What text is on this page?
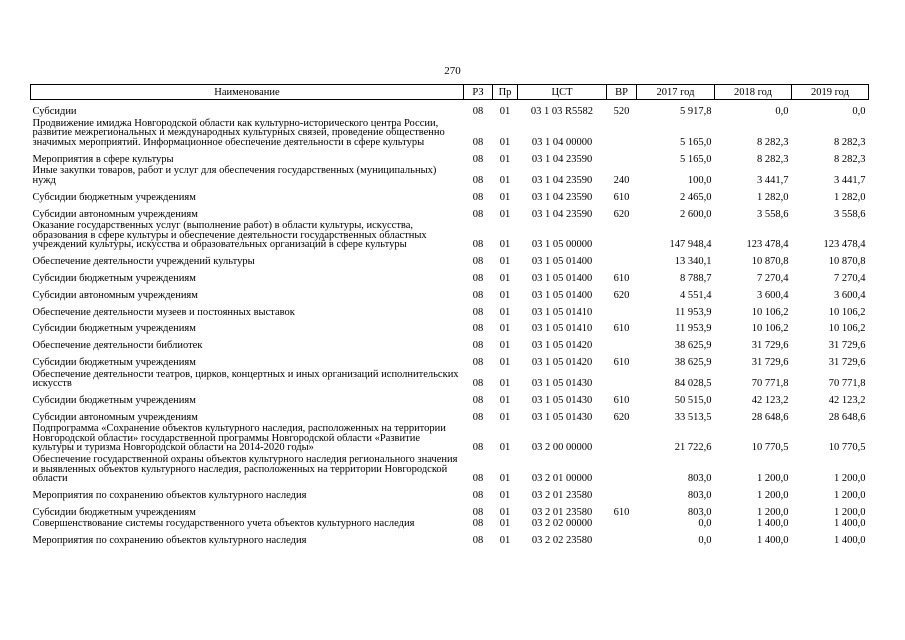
270
Наименование	РЗ	Пр	ЦСТ	ВР	2017 год	2018 год	2019 год
Субсидии	08	01	03 1 03 R5582	520	5 917,8	0,0	0,0
Продвижение имиджа Новгородской области как культурно-исторического центра России, развитие межрегиональных и международных культурных связей, проведение общественно значимых мероприятий. Информационное обеспечение деятельности в сфере культуры	08	01	03 1 04 00000		5 165,0	8 282,3	8 282,3
Мероприятия в сфере культуры	08	01	03 1 04 23590		5 165,0	8 282,3	8 282,3
Иные закупки товаров, работ и услуг для обеспечения государственных (муниципальных) нужд	08	01	03 1 04 23590	240	100,0	3 441,7	3 441,7
Субсидии бюджетным учреждениям	08	01	03 1 04 23590	610	2 465,0	1 282,0	1 282,0
Субсидии автономным учреждениям	08	01	03 1 04 23590	620	2 600,0	3 558,6	3 558,6
Оказание государственных услуг (выполнение работ) в области культуры, искусства, образования в сфере культуры и обеспечение деятельности государственных областных учреждений культуры, искусства и образовательных организаций в сфере культуры	08	01	03 1 05 00000		147 948,4	123 478,4	123 478,4
Обеспечение деятельности учреждений культуры	08	01	03 1 05 01400		13 340,1	10 870,8	10 870,8
Субсидии бюджетным учреждениям	08	01	03 1 05 01400	610	8 788,7	7 270,4	7 270,4
Субсидии автономным учреждениям	08	01	03 1 05 01400	620	4 551,4	3 600,4	3 600,4
Обеспечение деятельности музеев и постоянных выставок	08	01	03 1 05 01410		11 953,9	10 106,2	10 106,2
Субсидии бюджетным учреждениям	08	01	03 1 05 01410	610	11 953,9	10 106,2	10 106,2
Обеспечение деятельности библиотек	08	01	03 1 05 01420		38 625,9	31 729,6	31 729,6
Субсидии бюджетным учреждениям	08	01	03 1 05 01420	610	38 625,9	31 729,6	31 729,6
Обеспечение деятельности театров, цирков, концертных и иных организаций исполнительских искусств	08	01	03 1 05 01430		84 028,5	70 771,8	70 771,8
Субсидии бюджетным учреждениям	08	01	03 1 05 01430	610	50 515,0	42 123,2	42 123,2
Субсидии автономным учреждениям	08	01	03 1 05 01430	620	33 513,5	28 648,6	28 648,6
Подпрограмма «Сохранение объектов культурного наследия, расположенных на территории Новгородской области» государственной программы Новгородской области «Развитие культуры и туризма Новгородской области на 2014-2020 годы»	08	01	03 2 00 00000		21 722,6	10 770,5	10 770,5
Обеспечение государственной охраны объектов культурного наследия регионального значения и выявленных объектов культурного наследия, расположенных на территории Новгородской области	08	01	03 2 01 00000		803,0	1 200,0	1 200,0
Мероприятия по сохранению объектов культурного наследия	08	01	03 2 01 23580		803,0	1 200,0	1 200,0
Субсидии бюджетным учреждениям	08	01	03 2 01 23580	610	803,0	1 200,0	1 200,0
Совершенствование системы государственного учета объектов культурного наследия	08	01	03 2 02 00000		0,0	1 400,0	1 400,0
Мероприятия по сохранению объектов культурного наследия	08	01	03 2 02 23580		0,0	1 400,0	1 400,0
